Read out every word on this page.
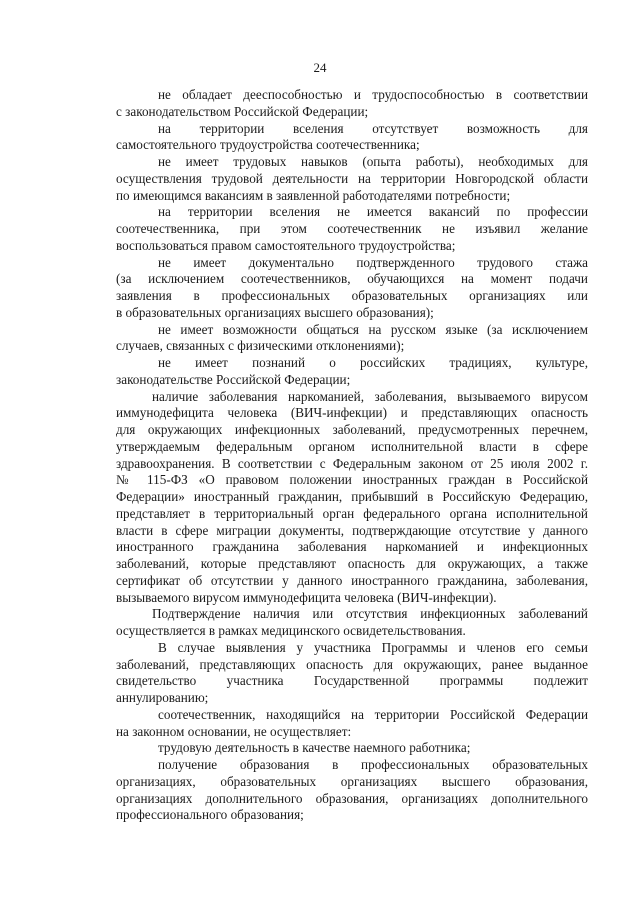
24
не обладает дееспособностью и трудоспособностью в соответствии
с законодательством Российской Федерации;
на территории вселения отсутствует возможность для
самостоятельного трудоустройства соотечественника;
не имеет трудовых навыков (опыта работы), необходимых для
осуществления трудовой деятельности на территории Новгородской области
по имеющимся вакансиям в заявленной работодателями потребности;
на территории вселения не имеется вакансий по профессии
соотечественника, при этом соотечественник не изъявил желание
воспользоваться правом самостоятельного трудоустройства;
не имеет документально подтвержденного трудового стажа
(за исключением соотечественников, обучающихся на момент подачи
заявления в профессиональных образовательных организациях или
в образовательных организациях высшего образования);
не имеет возможности общаться на русском языке (за исключением
случаев, связанных с физическими отклонениями);
не имеет познаний о российских традициях, культуре,
законодательстве Российской Федерации;
наличие заболевания наркоманией, заболевания, вызываемого вирусом
иммунодефицита человека (ВИЧ-инфекции) и представляющих опасность
для окружающих инфекционных заболеваний, предусмотренных перечнем,
утверждаемым федеральным органом исполнительной власти в сфере
здравоохранения. В соответствии с Федеральным законом от 25 июля 2002 г.
№ 115-ФЗ «О правовом положении иностранных граждан в Российской
Федерации» иностранный гражданин, прибывший в Российскую Федерацию,
представляет в территориальный орган федерального органа исполнительной
власти в сфере миграции документы, подтверждающие отсутствие у данного
иностранного гражданина заболевания наркоманией и инфекционных
заболеваний, которые представляют опасность для окружающих, а также
сертификат об отсутствии у данного иностранного гражданина, заболевания,
вызываемого вирусом иммунодефицита человека (ВИЧ-инфекции).
Подтверждение наличия или отсутствия инфекционных заболеваний
осуществляется в рамках медицинского освидетельствования.
В случае выявления у участника Программы и членов его семьи
заболеваний, представляющих опасность для окружающих, ранее выданное
свидетельство участника Государственной программы подлежит
аннулированию;
соотечественник, находящийся на территории Российской Федерации
на законном основании, не осуществляет:
трудовую деятельность в качестве наемного работника;
получение образования в профессиональных образовательных
организациях, образовательных организациях высшего образования,
организациях дополнительного образования, организациях дополнительного
профессионального образования;
